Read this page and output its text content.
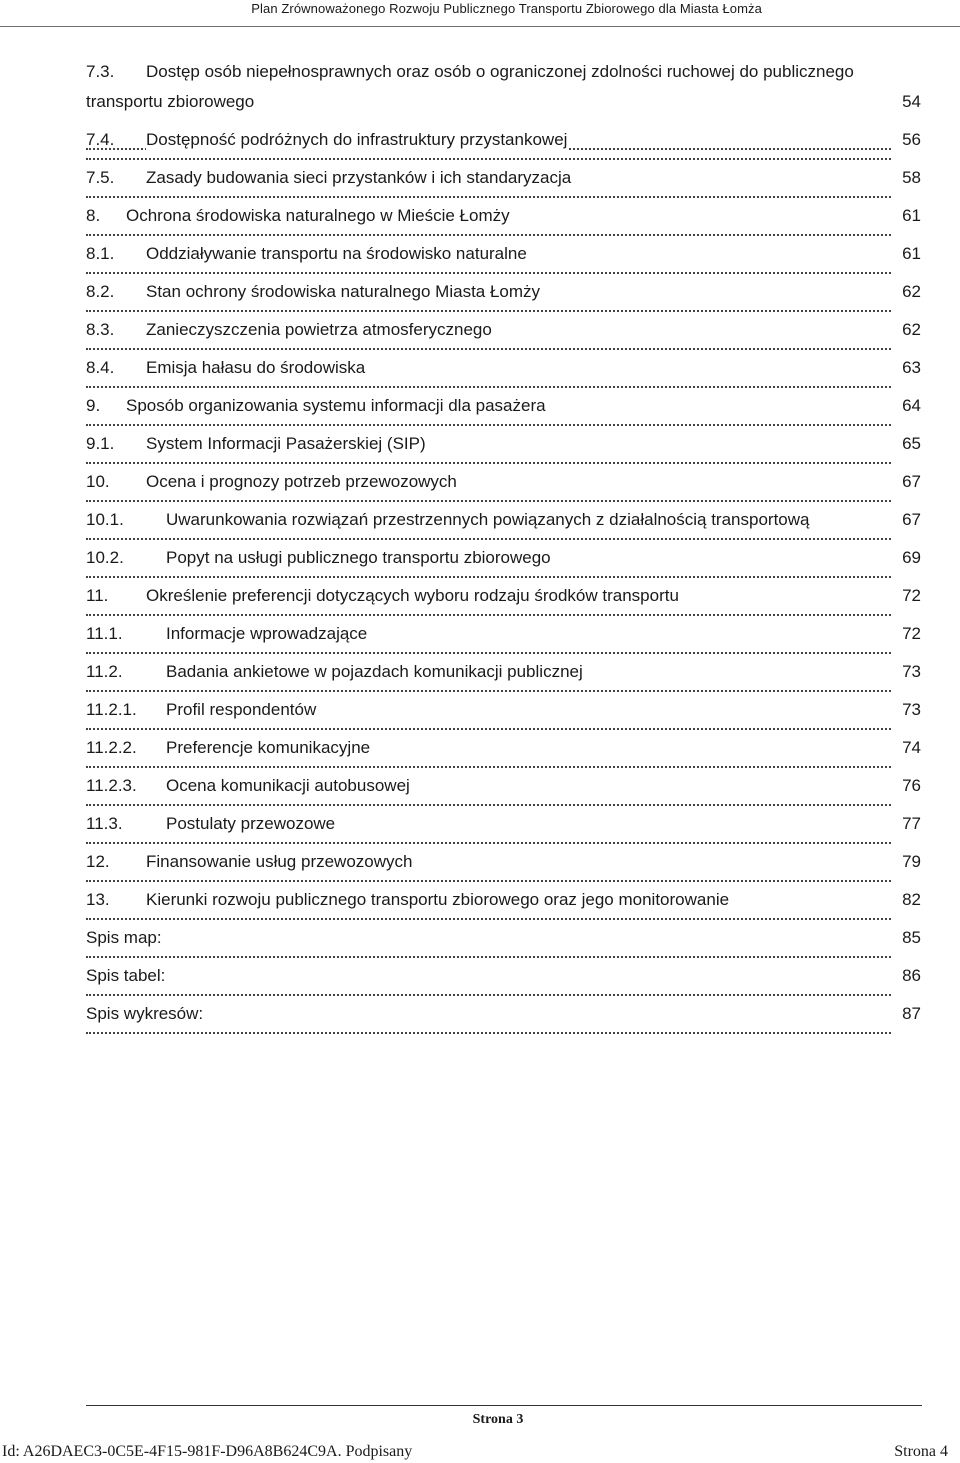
Plan Zrównoważonego Rozwoju Publicznego Transportu Zbiorowego dla Miasta Łomża
7.3. Dostęp osób niepełnosprawnych oraz osób o ograniczonej zdolności ruchowej do publicznego
transportu zbiorowego	54
7.4. Dostępność podróżnych do infrastruktury przystankowej	56
7.5. Zasady budowania sieci przystanków i ich standaryzacja	58
8. Ochrona środowiska naturalnego w Mieście Łomży	61
8.1. Oddziaływanie transportu na środowisko naturalne	61
8.2. Stan ochrony środowiska naturalnego Miasta Łomży	62
8.3. Zanieczyszczenia powietrza atmosferycznego	62
8.4. Emisja hałasu do środowiska	63
9. Sposób organizowania systemu informacji dla pasażera	64
9.1. System Informacji Pasażerskiej (SIP)	65
10. Ocena i prognozy potrzeb przewozowych	67
10.1. Uwarunkowania rozwiązań przestrzennych powiązanych z działalnością transportową	67
10.2. Popyt na usługi publicznego transportu zbiorowego	69
11. Określenie preferencji dotyczących wyboru rodzaju środków transportu	72
11.1.	Informacje wprowadzające	72
11.2.	Badania ankietowe w pojazdach komunikacji publicznej	73
11.2.1. Profil respondentów	73
11.2.2. Preferencje komunikacyjne	74
11.2.3. Ocena komunikacji autobusowej	76
11.3.	Postulaty przewozowe	77
12. Finansowanie usług przewozowych	79
13. Kierunki rozwoju publicznego transportu zbiorowego oraz jego monitorowanie	82
Spis map:	85
Spis tabel:	86
Spis wykresów:	87
Strona 3
Id: A26DAEC3-0C5E-4F15-981F-D96A8B624C9A. Podpisany	Strona 4
